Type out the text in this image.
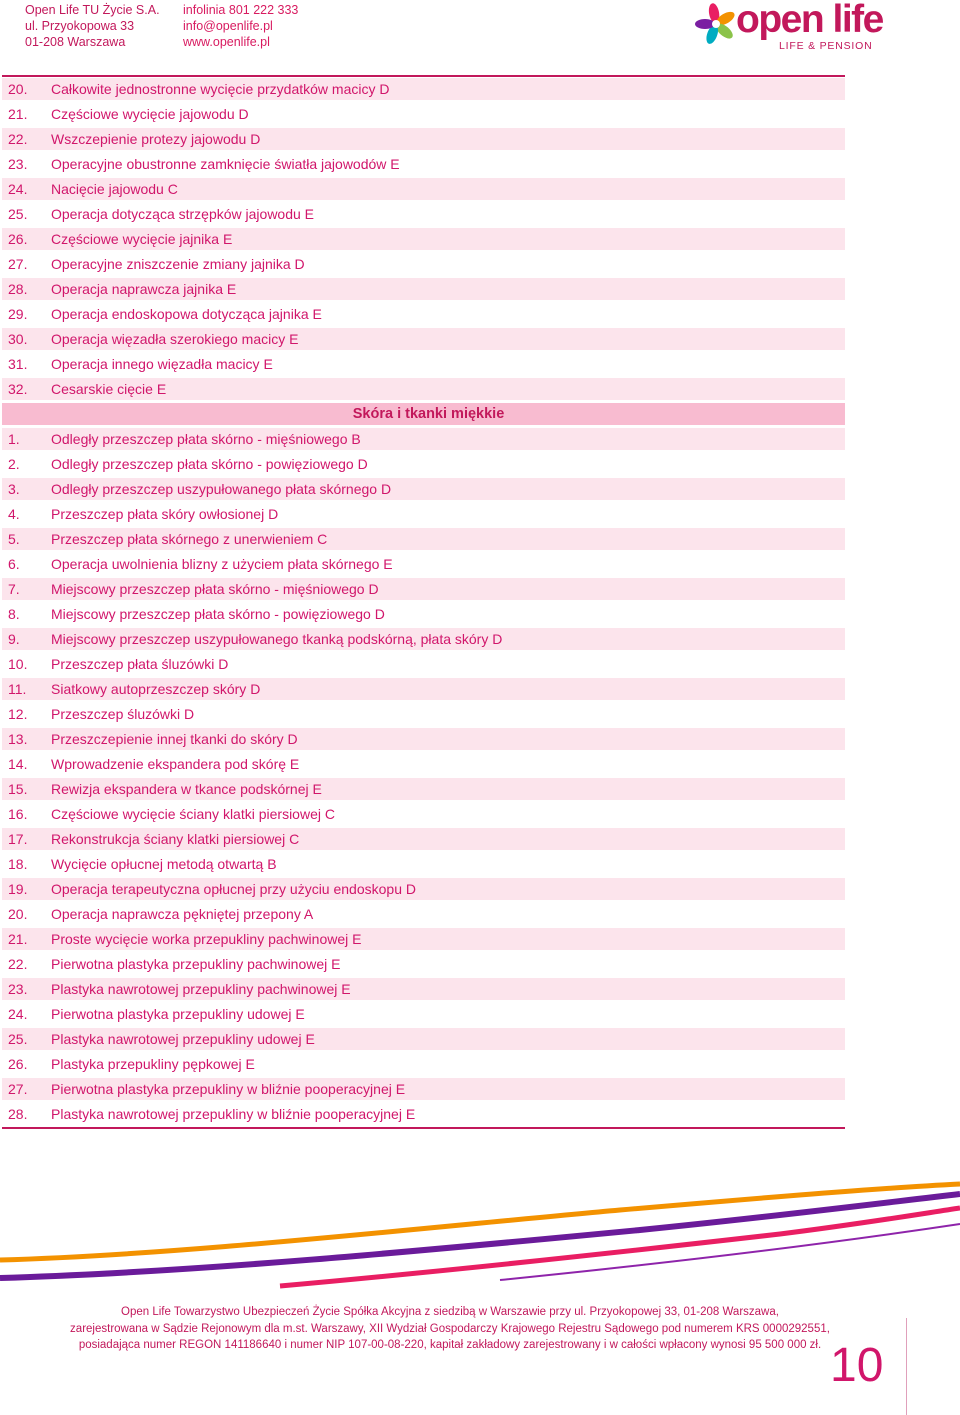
Open Life TU Życie S.A.
ul. Przyokopowa 33
01-208 Warszawa
infolinia 801 222 333
info@openlife.pl
www.openlife.pl
open life
LIFE & PENSION
20.	Całkowite jednostronne wycięcie przydatków macicy D
21.	Częściowe wycięcie jajowodu D
22.	Wszczepienie protezy jajowodu D
23.	Operacyjne obustronne zamknięcie światła jajowodów E
24.	Nacięcie jajowodu C
25.	Operacja dotycząca strzępków jajowodu E
26.	Częściowe wycięcie jajnika E
27.	Operacyjne zniszczenie zmiany jajnika D
28.	Operacja naprawcza jajnika E
29.	Operacja endoskopowa dotycząca jajnika E
30.	Operacja więzadła szerokiego macicy E
31.	Operacja innego więzadła macicy E
32.	Cesarskie cięcie E
Skóra i tkanki miękkie
1.	Odległy przeszczep płata skórno - mięśniowego B
2.	Odległy przeszczep płata skórno - powięziowego D
3.	Odległy przeszczep uszypułowanego płata skórnego D
4.	Przeszczep płata skóry owłosionej D
5.	Przeszczep płata skórnego z unerwieniem C
6.	Operacja uwolnienia blizny z użyciem płata skórnego E
7.	Miejscowy przeszczep płata skórno - mięśniowego D
8.	Miejscowy przeszczep płata skórno - powięziowego D
9.	Miejscowy przeszczep uszypułowanego tkanką podskórną, płata skóry D
10.	Przeszczep płata śluzówki D
11.	Siatkowy autoprzeszczep skóry D
12.	Przeszczep śluzówki D
13.	Przeszczepienie innej tkanki do skóry D
14.	Wprowadzenie ekspandera pod skórę E
15.	Rewizja ekspandera w tkance podskórnej E
16.	Częściowe wycięcie ściany klatki piersiowej C
17.	Rekonstrukcja ściany klatki piersiowej C
18.	Wycięcie opłucnej metodą otwartą B
19.	Operacja terapeutyczna opłucnej przy użyciu endoskopu D
20.	Operacja naprawcza pękniętej przepony A
21.	Proste wycięcie worka przepukliny pachwinowej E
22.	Pierwotna plastyka przepukliny pachwinowej E
23.	Plastyka nawrotowej przepukliny pachwinowej E
24.	Pierwotna plastyka przepukliny udowej E
25.	Plastyka nawrotowej przepukliny udowej E
26.	Plastyka przepukliny pępkowej E
27.	Pierwotna plastyka przepukliny w bliźnie pooperacyjnej E
28.	Plastyka nawrotowej przepukliny w bliźnie pooperacyjnej E
Open Life Towarzystwo Ubezpieczeń Życie Spółka Akcyjna z siedzibą w Warszawie przy ul. Przyokopowej 33, 01-208 Warszawa,
zarejestrowana w Sądzie Rejonowym dla m.st. Warszawy, XII Wydział Gospodarczy Krajowego Rejestru Sądowego pod numerem KRS 0000292551,
posiadająca numer REGON 141186640 i numer NIP 107-00-08-220, kapitał zakładowy zarejestrowany i w całości wpłacony wynosi 95 500 000 zł. 10
